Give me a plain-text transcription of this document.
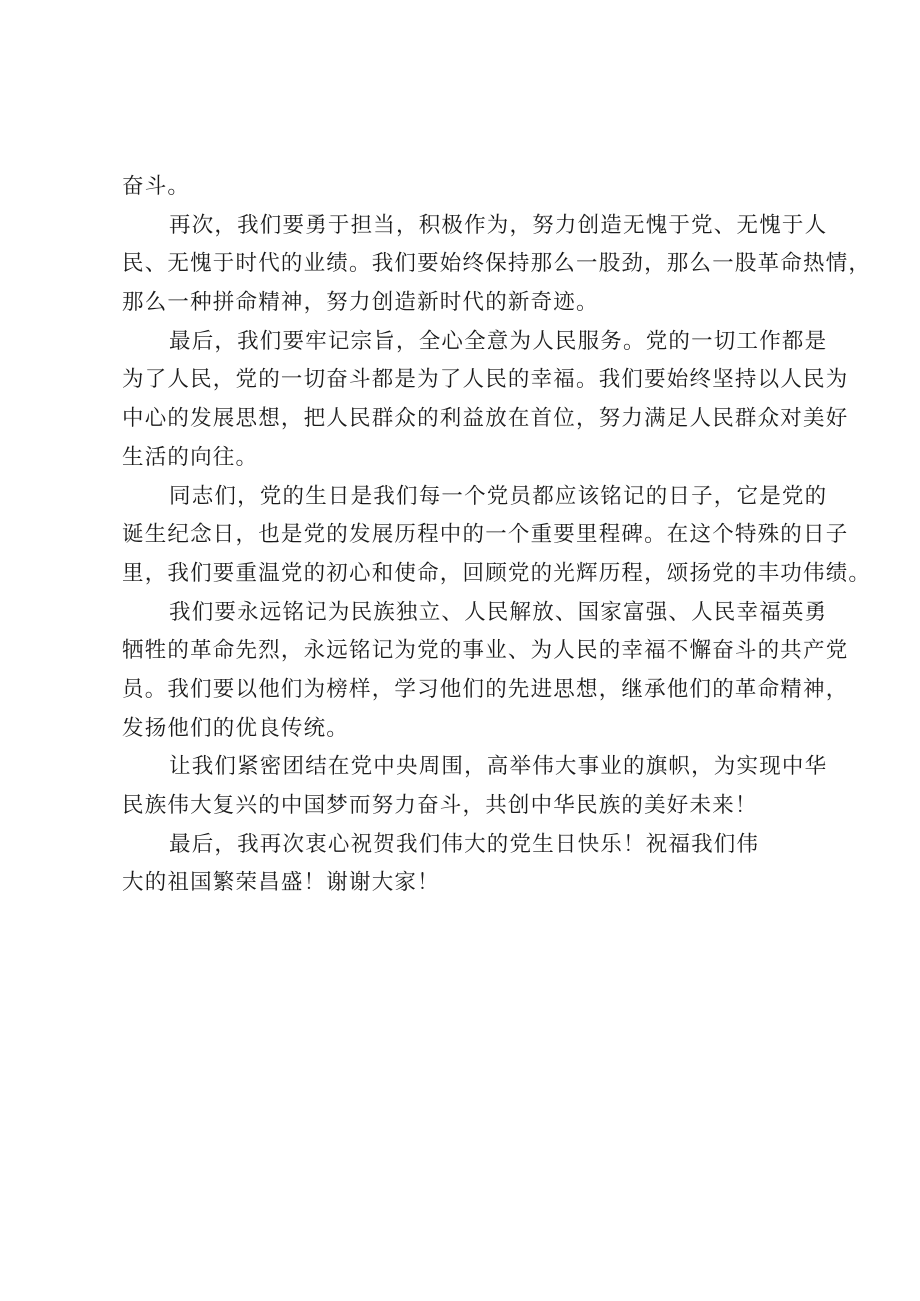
奋斗。
再次，我们要勇于担当，积极作为，努力创造无愧于党、无愧于人
民、无愧于时代的业绩。我们要始终保持那么一股劲，那么一股革命热情，
那么一种拼命精神，努力创造新时代的新奇迹。
最后，我们要牢记宗旨，全心全意为人民服务。党的一切工作都是
为了人民，党的一切奋斗都是为了人民的幸福。我们要始终坚持以人民为
中心的发展思想，把人民群众的利益放在首位，努力满足人民群众对美好
生活的向往。
同志们，党的生日是我们每一个党员都应该铭记的日子，它是党的
诞生纪念日，也是党的发展历程中的一个重要里程碑。在这个特殊的日子
里，我们要重温党的初心和使命，回顾党的光辉历程，颂扬党的丰功伟绩。
我们要永远铭记为民族独立、人民解放、国家富强、人民幸福英勇
牺牲的革命先烈，永远铭记为党的事业、为人民的幸福不懈奋斗的共产党
员。我们要以他们为榜样，学习他们的先进思想，继承他们的革命精神，
发扬他们的优良传统。
让我们紧密团结在党中央周围，高举伟大事业的旗帜，为实现中华
民族伟大复兴的中国梦而努力奋斗，共创中华民族的美好未来！
最后，我再次衷心祝贺我们伟大的党生日快乐！祝福我们伟
大的祖国繁荣昌盛！谢谢大家！
